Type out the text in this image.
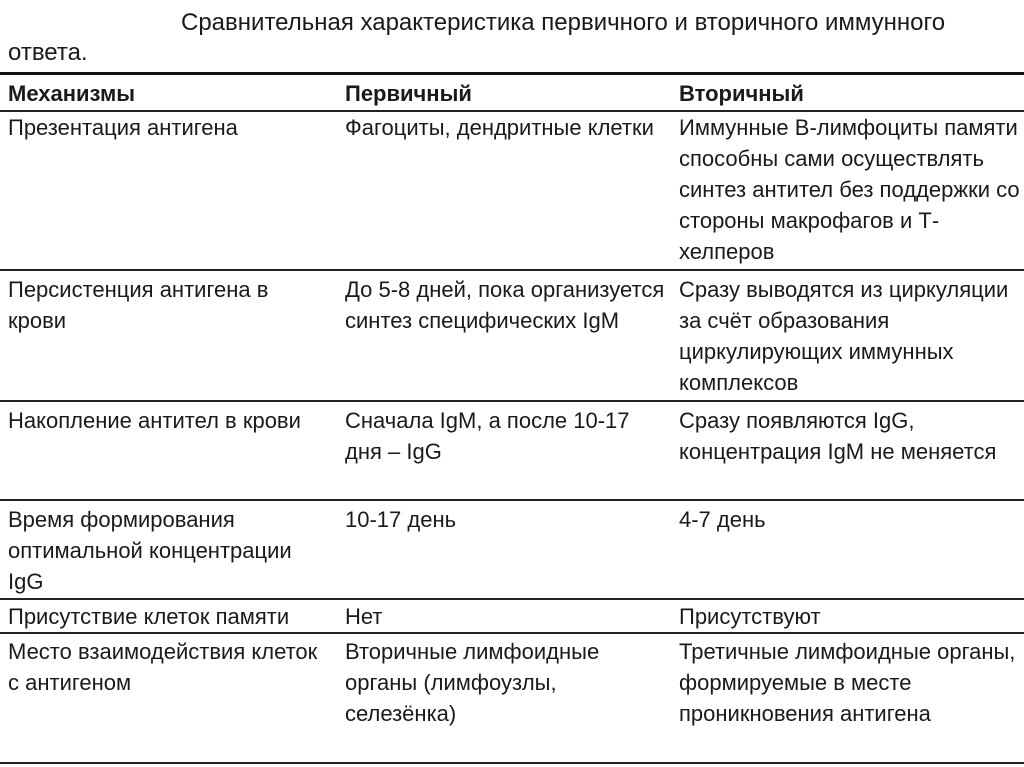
Сравнительная характеристика первичного и вторичного иммунного ответа.
Механизмы	Первичный	Вторичный
Презентация антигена	Фагоциты, дендритные клетки	Иммунные В-лимфоциты памяти способны сами осуществлять синтез антител без поддержки со стороны макрофагов и Т-хелперов
Персистенция антигена в крови	До 5-8 дней, пока организуется синтез специфических IgM	Сразу выводятся из циркуляции за счёт образования циркулирующих иммунных комплексов
Накопление антител в крови	Сначала IgM, а после 10-17 дня – IgG	Сразу появляются IgG, концентрация IgM не меняется
Время формирования оптимальной концентрации IgG	10-17 день	4-7 день
Присутствие клеток памяти	Нет	Присутствуют
Место взаимодействия клеток с антигеном	Вторичные лимфоидные органы (лимфоузлы, селезёнка)	Третичные лимфоидные органы, формируемые в месте проникновения антигена
